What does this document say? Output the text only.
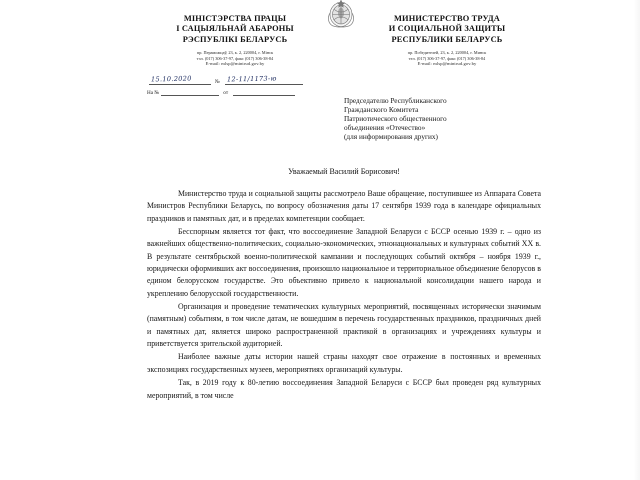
МІНІСТЭРСТВА ПРАЦЫ
І САЦЫЯЛЬНАЙ АБАРОНЫ
РЭСПУБЛІКІ БЕЛАРУСЬ
пр. Пераможцаў, 23, к. 2, 220004, г. Мінск
тэл. (017) 306-37-97, факс (017) 306-38-84
E-mail: mlsp@mintrud.gov.by
МИНИСТЕРСТВО ТРУДА
И СОЦИАЛЬНОЙ ЗАЩИТЫ
РЕСПУБЛИКИ БЕЛАРУСЬ
пр. Победителей, 23, к. 2, 220004, г. Минск
тел. (017) 306-37-97, факс (017) 306-38-84
E-mail: mlsp@mintrud.gov.by
15.10.2020	№	12-11/1173-ю
На №	от
Председателю Республиканского
Гражданского Комитета
Патриотического общественного
объединения «Отечество»
(для информирования других)
Уважаемый Василий Борисович!

Министерство труда и социальной защиты рассмотрело Ваше обращение, поступившее из Аппарата Совета Министров Республики Беларусь, по вопросу обозначения даты 17 сентября 1939 года в календаре официальных праздников и памятных дат, и в пределах компетенции сообщает.

Бесспорным является тот факт, что воссоединение Западной Беларуси с БССР осенью 1939 г. – одно из важнейших общественно-политических, социально-экономических, этнонациональных и культурных событий XX в. В результате сентябрьской военно-политической кампании и последующих событий октября – ноября 1939 г., юридически оформивших акт воссоединения, произошло национальное и территориальное объединение белорусов в едином белорусском государстве. Это объективно привело к национальной консолидации нашего народа и укреплению белорусской государственности.

Организация и проведение тематических культурных мероприятий, посвященных исторически значимым (памятным) событиям, в том числе датам, не вошедшим в перечень государственных праздников, праздничных дней и памятных дат, является широко распространенной практикой в организациях и учреждениях культуры и приветствуется зрительской аудиторией.

Наиболее важные даты истории нашей страны находят свое отражение в постоянных и временных экспозициях государственных музеев, мероприятиях организаций культуры.

Так, в 2019 году к 80-летию воссоединения Западной Беларуси с БССР был проведен ряд культурных мероприятий, в том числе
